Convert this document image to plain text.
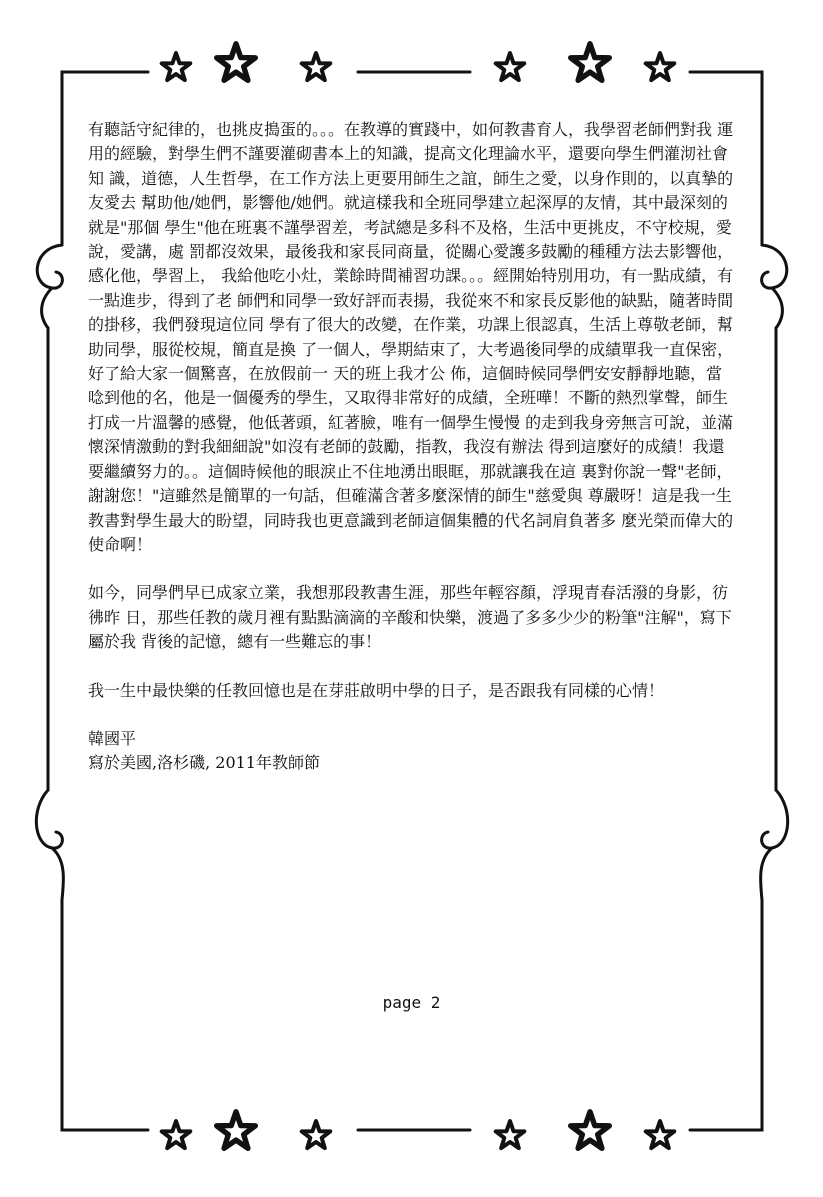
有聽話守紀律的，也挑皮搗蛋的。。。在教導的實踐中，如何教書育人，我學習老師們對我 運用的經驗，對學生們不謹要灌砌書本上的知識，提高文化理論水平，還要向學生們灌沏社會知 識，道德，人生哲學，在工作方法上更要用師生之誼，師生之愛，以身作則的，以真摯的友愛去 幫助他/她們，影響他/她們。就這樣我和全班同學建立起深厚的友情，其中最深刻的就是"那個 學生"他在班裏不謹學習差，考試總是多科不及格，生活中更挑皮，不守校規，愛說，愛講，處 罰都沒效果，最後我和家長同商量，從關心愛護多鼓勵的種種方法去影響他，感化他，學習上， 我給他吃小灶，業餘時間補習功課。。。經開始特別用功，有一點成績，有一點進步，得到了老 師們和同學一致好評而表揚，我從來不和家長反影他的缺點，隨著時間的掛移，我們發現這位同 學有了很大的改變，在作業，功課上很認真，生活上尊敬老師，幫助同學，服從校規，簡直是換 了一個人，學期結束了，大考過後同學的成績單我一直保密，好了給大家一個驚喜，在放假前一 天的班上我才公 佈，這個時候同學們安安靜靜地聽，當唸到他的名，他是一個優秀的學生，又取得非常好的成績，全班嘩！不斷的熱烈掌聲，師生打成一片溫馨的感覺，他低著頭，紅著臉，唯有一個學生慢慢 的走到我身旁無言可說，並滿懷深情激動的對我細細說"如沒有老師的鼓勵，指教，我沒有辦法 得到這麼好的成績！我還要繼續努力的。。這個時候他的眼淚止不住地湧出眼眶，那就讓我在這 裏對你說一聲"老師，謝謝您！"這雖然是簡單的一句話，但確滿含著多麼深情的師生"慈愛與 尊嚴呀！這是我一生教書對學生最大的盼望，同時我也更意識到老師這個集體的代名詞肩負著多 麼光榮而偉大的使命啊！

如今，同學們早已成家立業，我想那段教書生涯，那些年輕容顏，浮現青春活潑的身影，彷彿昨 日，那些任教的歲月裡有點點滴滴的辛酸和快樂，渡過了多多少少的粉筆"注解"，寫下屬於我 背後的記憶，總有一些難忘的事！

我一生中最快樂的任教回憶也是在芽莊啟明中學的日子，是否跟我有同樣的心情！

韓國平

寫於美國,洛杉磯, 2011年教師節

page 2
